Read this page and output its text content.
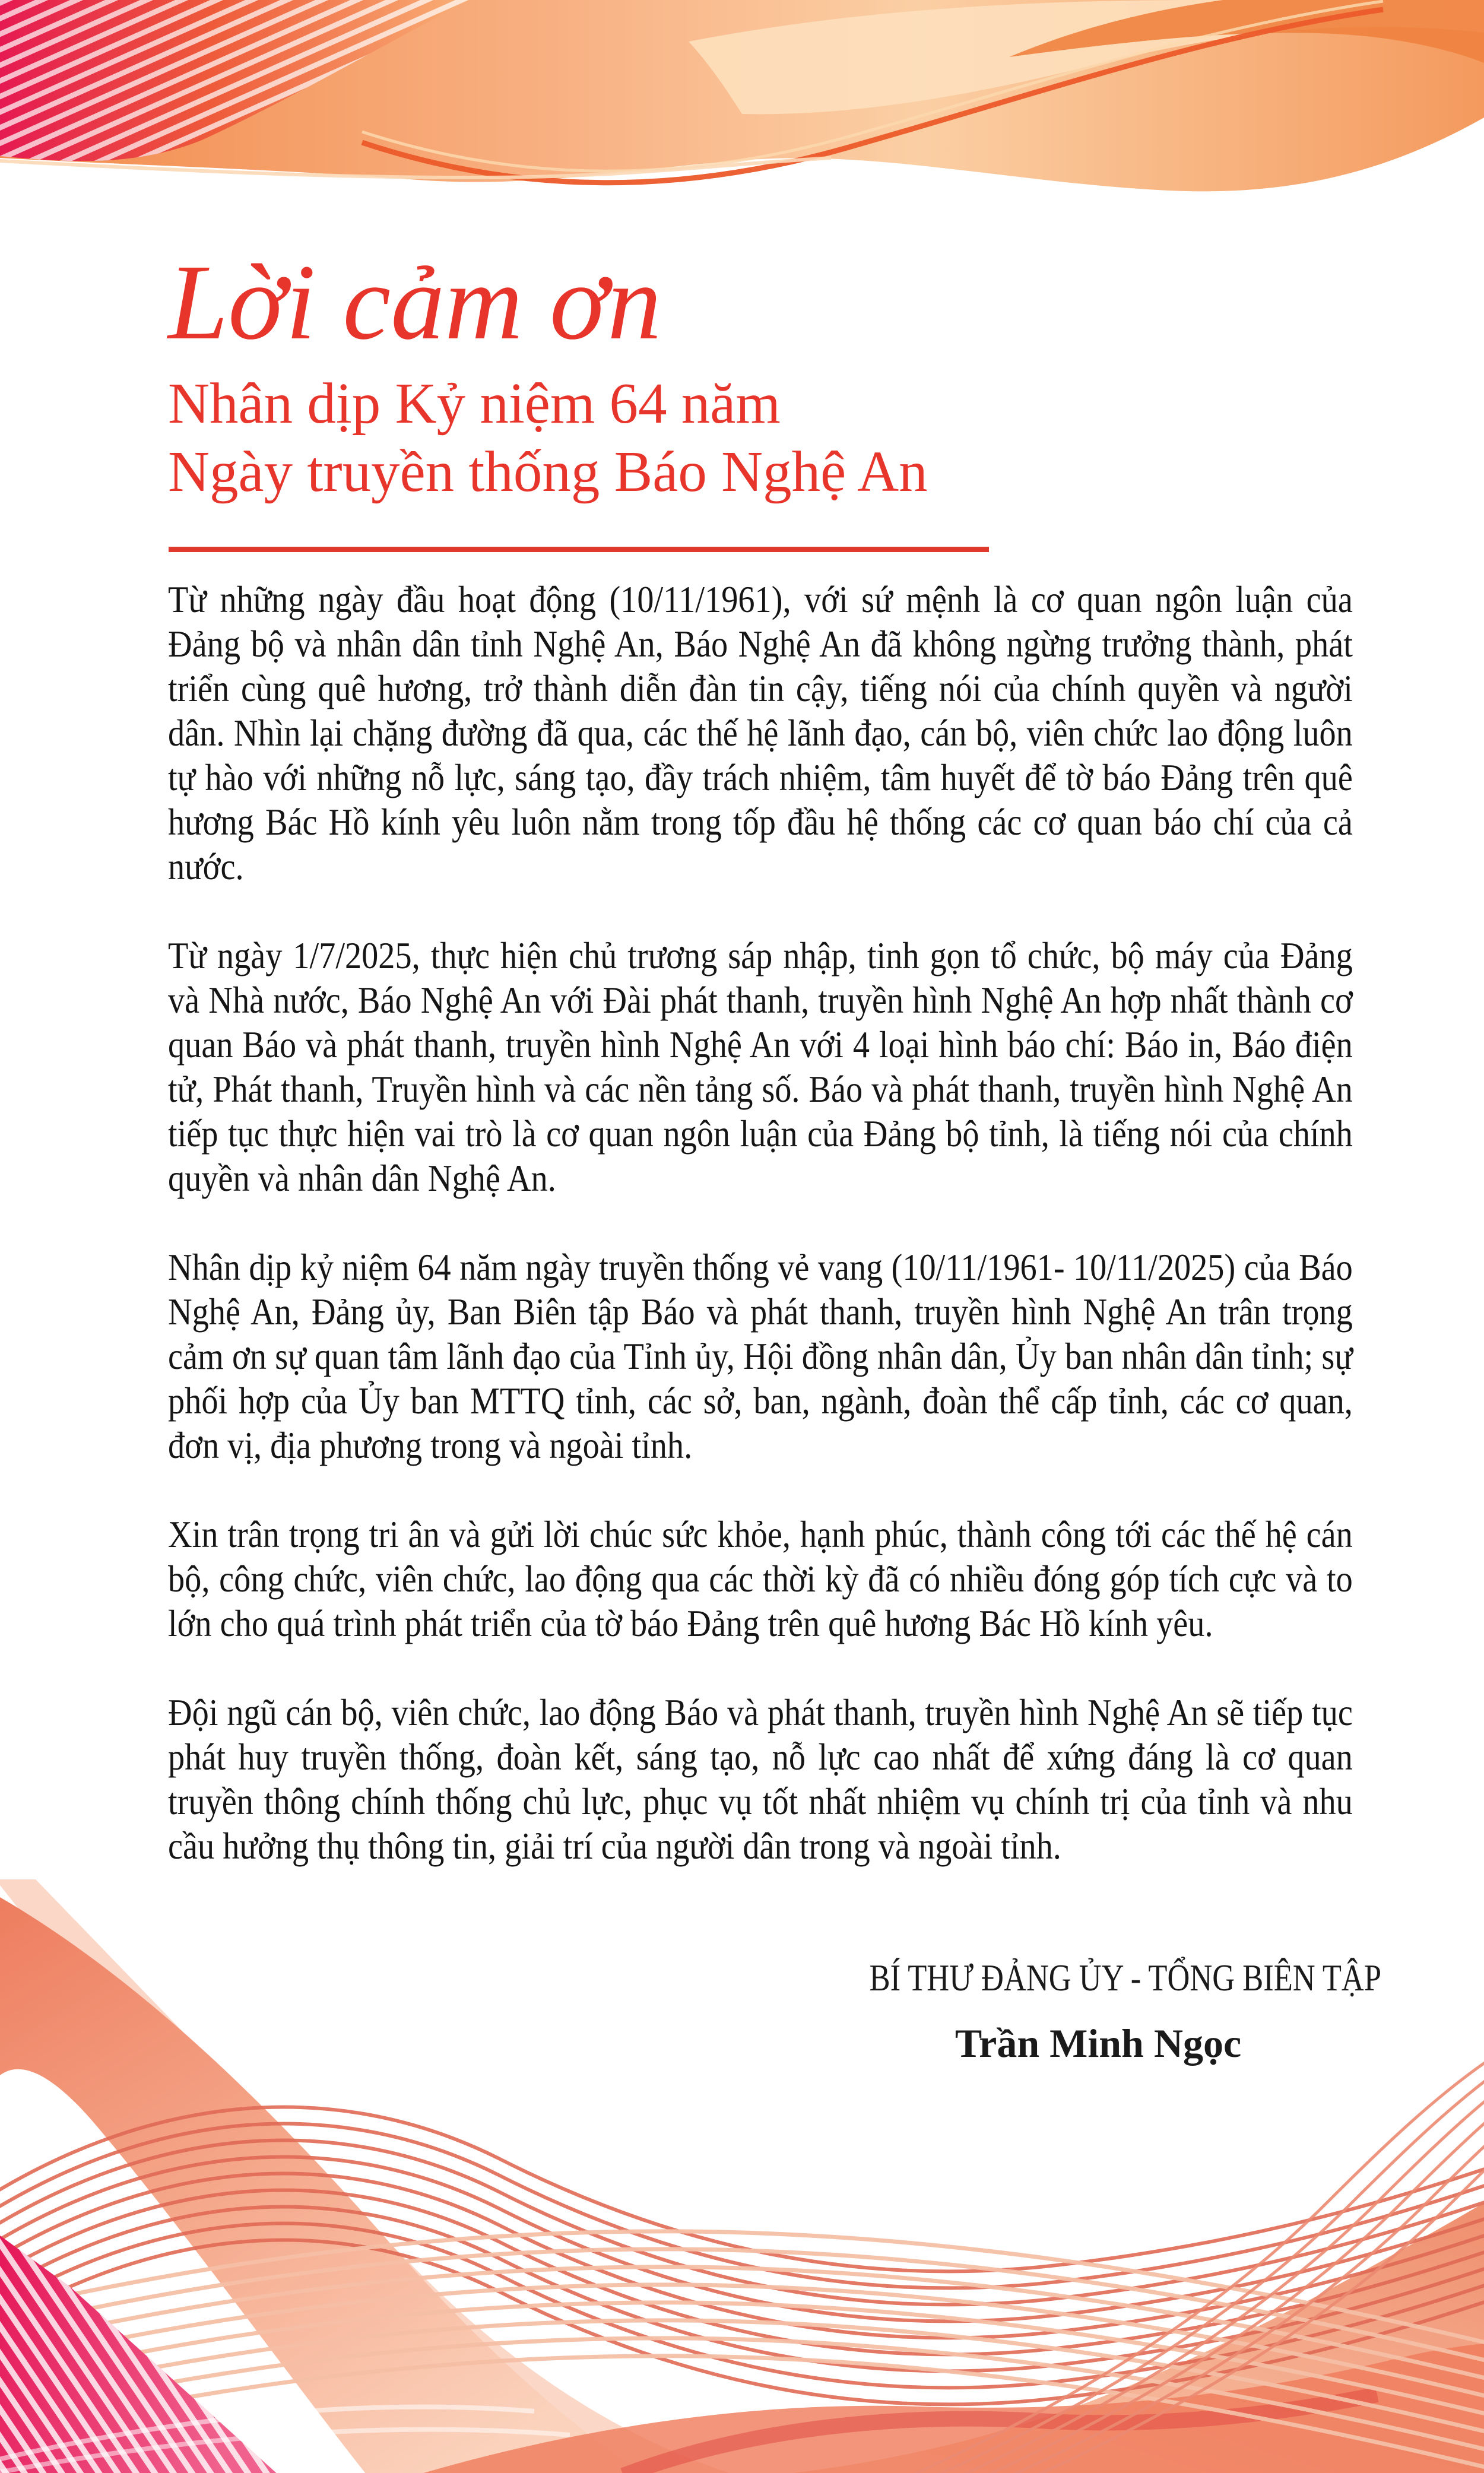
Lời cảm ơn
Nhân dịp Kỷ niệm 64 năm
Ngày truyền thống Báo Nghệ An

Từ những ngày đầu hoạt động (10/11/1961), với sứ mệnh là cơ quan ngôn luận của Đảng bộ và nhân dân tỉnh Nghệ An, Báo Nghệ An đã không ngừng trưởng thành, phát triển cùng quê hương, trở thành diễn đàn tin cậy, tiếng nói của chính quyền và người dân. Nhìn lại chặng đường đã qua, các thế hệ lãnh đạo, cán bộ, viên chức lao động luôn tự hào với những nỗ lực, sáng tạo, đầy trách nhiệm, tâm huyết để tờ báo Đảng trên quê hương Bác Hồ kính yêu luôn nằm trong tốp đầu hệ thống các cơ quan báo chí của cả nước.

Từ ngày 1/7/2025, thực hiện chủ trương sáp nhập, tinh gọn tổ chức, bộ máy của Đảng và Nhà nước, Báo Nghệ An với Đài phát thanh, truyền hình Nghệ An hợp nhất thành cơ quan Báo và phát thanh, truyền hình Nghệ An với 4 loại hình báo chí: Báo in, Báo điện tử, Phát thanh, Truyền hình và các nền tảng số. Báo và phát thanh, truyền hình Nghệ An tiếp tục thực hiện vai trò là cơ quan ngôn luận của Đảng bộ tỉnh, là tiếng nói của chính quyền và nhân dân Nghệ An.

Nhân dịp kỷ niệm 64 năm ngày truyền thống vẻ vang (10/11/1961- 10/11/2025) của Báo Nghệ An, Đảng ủy, Ban Biên tập Báo và phát thanh, truyền hình Nghệ An trân trọng cảm ơn sự quan tâm lãnh đạo của Tỉnh ủy, Hội đồng nhân dân, Ủy ban nhân dân tỉnh; sự phối hợp của Ủy ban MTTQ tỉnh, các sở, ban, ngành, đoàn thể cấp tỉnh, các cơ quan, đơn vị, địa phương trong và ngoài tỉnh.

Xin trân trọng tri ân và gửi lời chúc sức khỏe, hạnh phúc, thành công tới các thế hệ cán bộ, công chức, viên chức, lao động qua các thời kỳ đã có nhiều đóng góp tích cực và to lớn cho quá trình phát triển của tờ báo Đảng trên quê hương Bác Hồ kính yêu.

Đội ngũ cán bộ, viên chức, lao động Báo và phát thanh, truyền hình Nghệ An sẽ tiếp tục phát huy truyền thống, đoàn kết, sáng tạo, nỗ lực cao nhất để xứng đáng là cơ quan truyền thông chính thống chủ lực, phục vụ tốt nhất nhiệm vụ chính trị của tỉnh và nhu cầu hưởng thụ thông tin, giải trí của người dân trong và ngoài tỉnh.

BÍ THƯ ĐẢNG ỦY - TỔNG BIÊN TẬP
Trần Minh Ngọc
